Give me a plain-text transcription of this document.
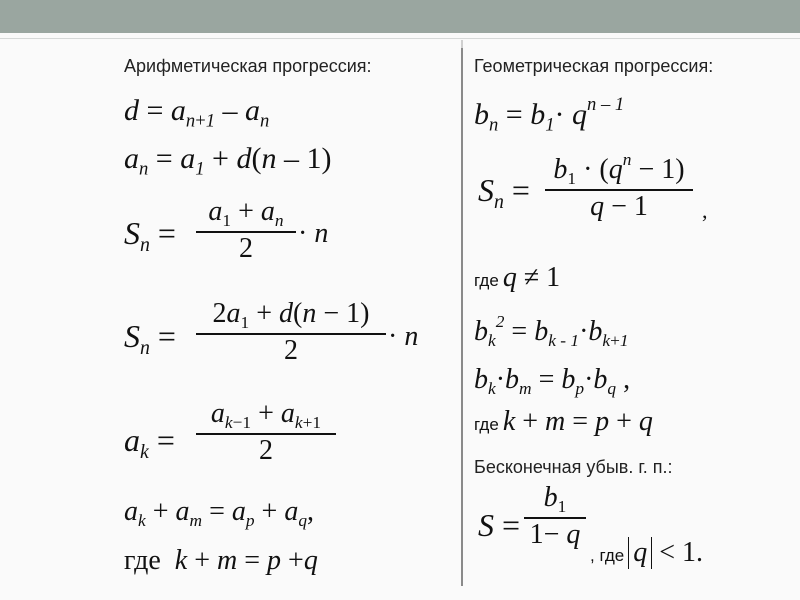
Арифметическая прогрессия:
$d = a_{n+1} - a_n$
$a_n = a_1 + d(n - 1)$
$S_n$ =
$a_1 + a_n$
2	· n
$S_n$ =
$2a_1 + d(n - 1)$
2	· n
$a_k$ =
$a_{k-1} + a_{k+1}$
2
$a_k + a_m = a_p + a_q$,
где k + m = p +q
Геометрическая прогрессия:
$b_n = b_1\cdot q^{n - 1}$
$S_n$ =
$b_1 \cdot (q^n - 1)$
q − 1	,
где q ≠ 1
$b_k^2 = b_{k - 1}\cdot b_{k+1}$
$b_k\cdot b_m = b_p\cdot b_q$ ,
где k + m = p + q
Бесконечная убыв. г. п.:
S =
$b_1$
1− q
, где q < 1.
